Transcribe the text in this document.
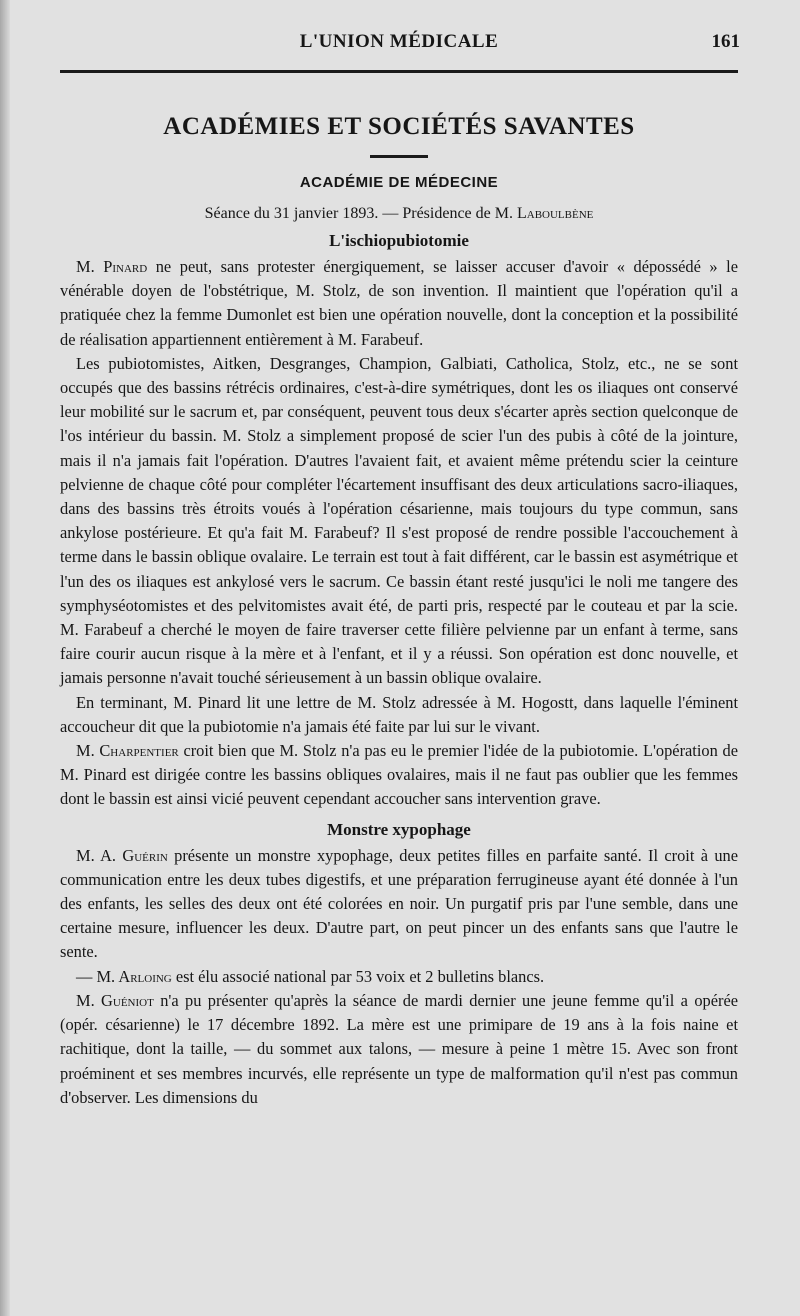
L'UNION MÉDICALE	161
ACADÉMIES ET SOCIÉTÉS SAVANTES
ACADÉMIE DE MÉDECINE
Séance du 31 janvier 1893. — Présidence de M. Laboulbène
L'ischiopubiotomie

M. Pinard ne peut, sans protester énergiquement, se laisser accuser d'avoir « dépossédé » le vénérable doyen de l'obstétrique, M. Stolz, de son invention. Il maintient que l'opération qu'il a pratiquée chez la femme Dumonlet est bien une opération nouvelle, dont la conception et la possibilité de réalisation appartiennent entièrement à M. Farabeuf.

Les pubiotomistes, Aitken, Desgranges, Champion, Galbiati, Catholica, Stolz, etc., ne se sont occupés que des bassins rétrécis ordinaires, c'est-à-dire symétriques, dont les os iliaques ont conservé leur mobilité sur le sacrum et, par conséquent, peuvent tous deux s'écarter après section quelconque de l'os intérieur du bassin. M. Stolz a simplement proposé de scier l'un des pubis à côté de la jointure, mais il n'a jamais fait l'opération. D'autres l'avaient fait, et avaient même prétendu scier la ceinture pelvienne de chaque côté pour compléter l'écartement insuffisant des deux articulations sacro-iliaques, dans des bassins très étroits voués à l'opération césarienne, mais toujours du type commun, sans ankylose postérieure. Et qu'a fait M. Farabeuf? Il s'est proposé de rendre possible l'accouchement à terme dans le bassin oblique ovalaire. Le terrain est tout à fait différent, car le bassin est asymétrique et l'un des os iliaques est ankylosé vers le sacrum. Ce bassin étant resté jusqu'ici le noli me tangere des symphyséotomistes et des pelvitomistes avait été, de parti pris, respecté par le couteau et par la scie. M. Farabeuf a cherché le moyen de faire traverser cette filière pelvienne par un enfant à terme, sans faire courir aucun risque à la mère et à l'enfant, et il y a réussi. Son opération est donc nouvelle, et jamais personne n'avait touché sérieusement à un bassin oblique ovalaire.

En terminant, M. Pinard lit une lettre de M. Stolz adressée à M. Hogostt, dans laquelle l'éminent accoucheur dit que la pubiotomie n'a jamais été faite par lui sur le vivant.

M. Charpentier croit bien que M. Stolz n'a pas eu le premier l'idée de la pubiotomie. L'opération de M. Pinard est dirigée contre les bassins obliques ovalaires, mais il ne faut pas oublier que les femmes dont le bassin est ainsi vicié peuvent cependant accoucher sans intervention grave.

Monstre xypophage

M. A. Guérin présente un monstre xypophage, deux petites filles en parfaite santé. Il croit à une communication entre les deux tubes digestifs, et une préparation ferrugineuse ayant été donnée à l'un des enfants, les selles des deux ont été colorées en noir. Un purgatif pris par l'une semble, dans une certaine mesure, influencer les deux. D'autre part, on peut pincer un des enfants sans que l'autre le sente.

— M. Arloing est élu associé national par 53 voix et 2 bulletins blancs.

M. Guéniot n'a pu présenter qu'après la séance de mardi dernier une jeune femme qu'il a opérée (opér. césarienne) le 17 décembre 1892. La mère est une primipare de 19 ans à la fois naine et rachitique, dont la taille, — du sommet aux talons, — mesure à peine 1 mètre 15. Avec son front proéminent et ses membres incurvés, elle représente un type de malformation qu'il n'est pas commun d'observer. Les dimensions du
